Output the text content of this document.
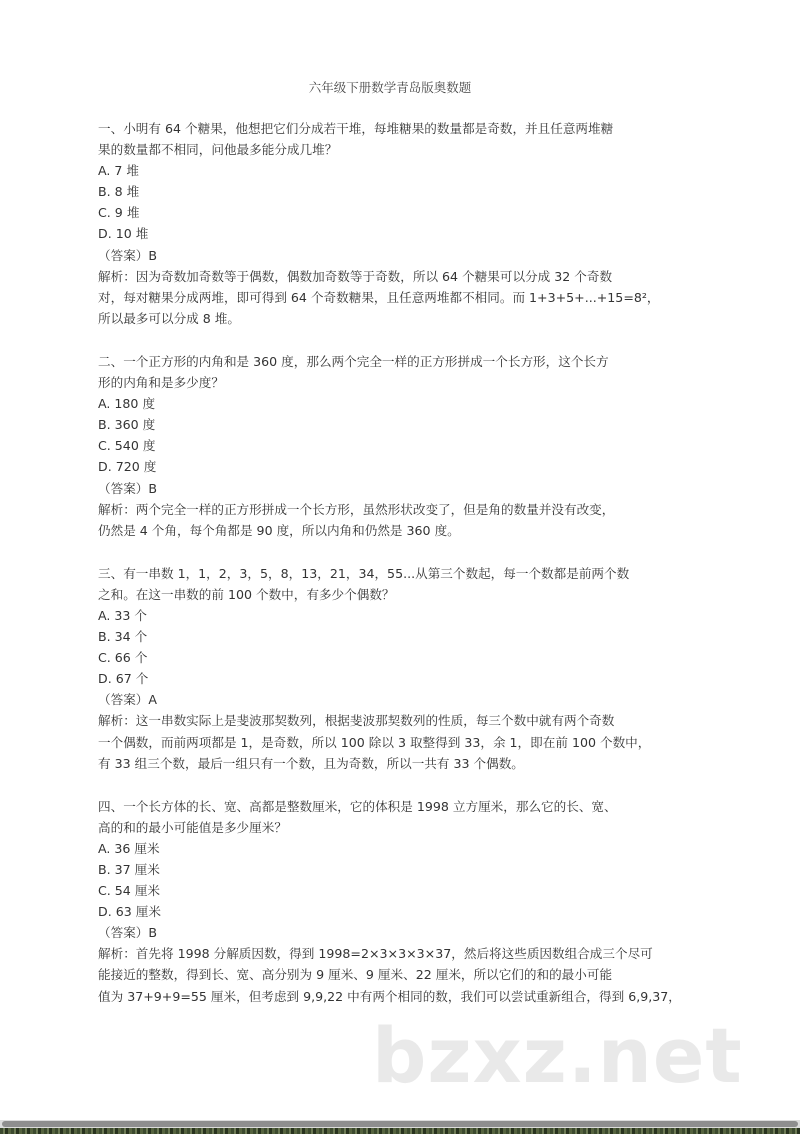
六年级下册数学青岛版奥数题
一、小明有 64 个糖果，他想把它们分成若干堆，每堆糖果的数量都是奇数，并且任意两堆糖
果的数量都不相同，问他最多能分成几堆？
A. 7 堆
B. 8 堆
C. 9 堆
D. 10 堆
（答案）B
解析：因为奇数加奇数等于偶数，偶数加奇数等于奇数，所以 64 个糖果可以分成 32 个奇数
对，每对糖果分成两堆，即可得到 64 个奇数糖果，且任意两堆都不相同。而 1+3+5+...+15=8²，
所以最多可以分成 8 堆。
二、一个正方形的内角和是 360 度，那么两个完全一样的正方形拼成一个长方形，这个长方
形的内角和是多少度？
A. 180 度
B. 360 度
C. 540 度
D. 720 度
（答案）B
解析：两个完全一样的正方形拼成一个长方形，虽然形状改变了，但是角的数量并没有改变，
仍然是 4 个角，每个角都是 90 度，所以内角和仍然是 360 度。
三、有一串数 1，1，2，3，5，8，13，21，34，55...从第三个数起，每一个数都是前两个数
之和。在这一串数的前 100 个数中，有多少个偶数？
A. 33 个
B. 34 个
C. 66 个
D. 67 个
（答案）A
解析：这一串数实际上是斐波那契数列，根据斐波那契数列的性质，每三个数中就有两个奇数
一个偶数，而前两项都是 1，是奇数，所以 100 除以 3 取整得到 33，余 1，即在前 100 个数中，
有 33 组三个数，最后一组只有一个数，且为奇数，所以一共有 33 个偶数。
四、一个长方体的长、宽、高都是整数厘米，它的体积是 1998 立方厘米，那么它的长、宽、
高的和的最小可能值是多少厘米？
A. 36 厘米
B. 37 厘米
C. 54 厘米
D. 63 厘米
（答案）B
解析：首先将 1998 分解质因数，得到 1998=2×3×3×3×37，然后将这些质因数组合成三个尽可
能接近的整数，得到长、宽、高分别为 9 厘米、9 厘米、22 厘米，所以它们的和的最小可能
值为 37+9+9=55 厘米，但考虑到 9,9,22 中有两个相同的数，我们可以尝试重新组合，得到 6,9,37，
bzxz.net
